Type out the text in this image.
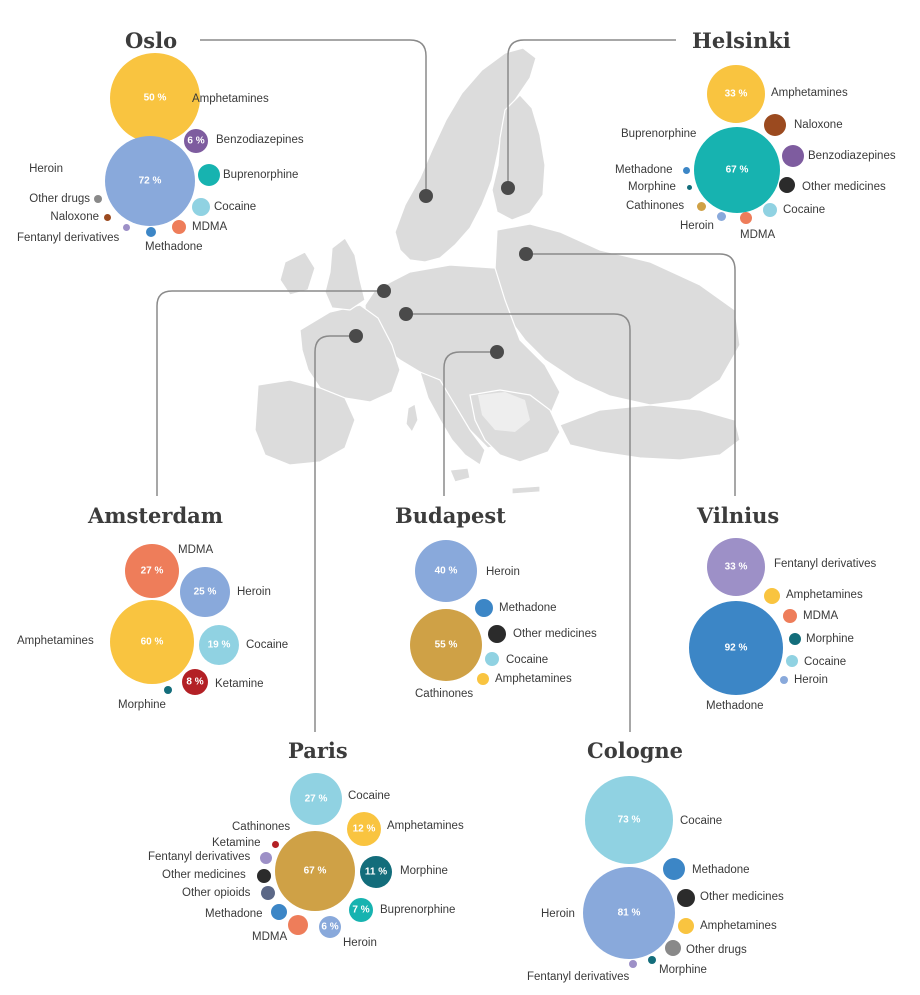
Oslo
50 %	Amphetamines
6 % Benzodiazepines
72 %
Heroin	Buprenorphine
Cocaine
Other drugs
MDMA
Naloxone
Fentanyl derivatives
Methadone
Helsinki
33 %	Amphetamines
Naloxone
67 %
Buprenorphine
Benzodiazepines
Methadone
Other medicines
Morphine
Cathinones	Cocaine
Heroin
MDMA
Amsterdam
27 %
MDMA
25 %	Heroin
60 %
Amphetamines	19 %	Cocaine
8 % Ketamine
Morphine
Budapest
40 %	Heroin
Methadone
Other medicines
55 %
Cathinones
Cocaine
Amphetamines
Vilnius
33 %	Fentanyl derivatives
Amphetamines
MDMA
Morphine
92 %
Methadone
Cocaine
Heroin
Paris
27 %	Cocaine
12 %	Amphetamines
67 %
Cathinones
Ketamine
Fentanyl derivatives
11 %	Morphine
Other medicines
Other opioids
7 % Buprenorphine
Methadone
MDMA
6 %
Heroin
Cologne
73 %	Cocaine
Methadone
Other medicines
81 %
Heroin
Amphetamines
Other drugs
Morphine
Fentanyl derivatives
